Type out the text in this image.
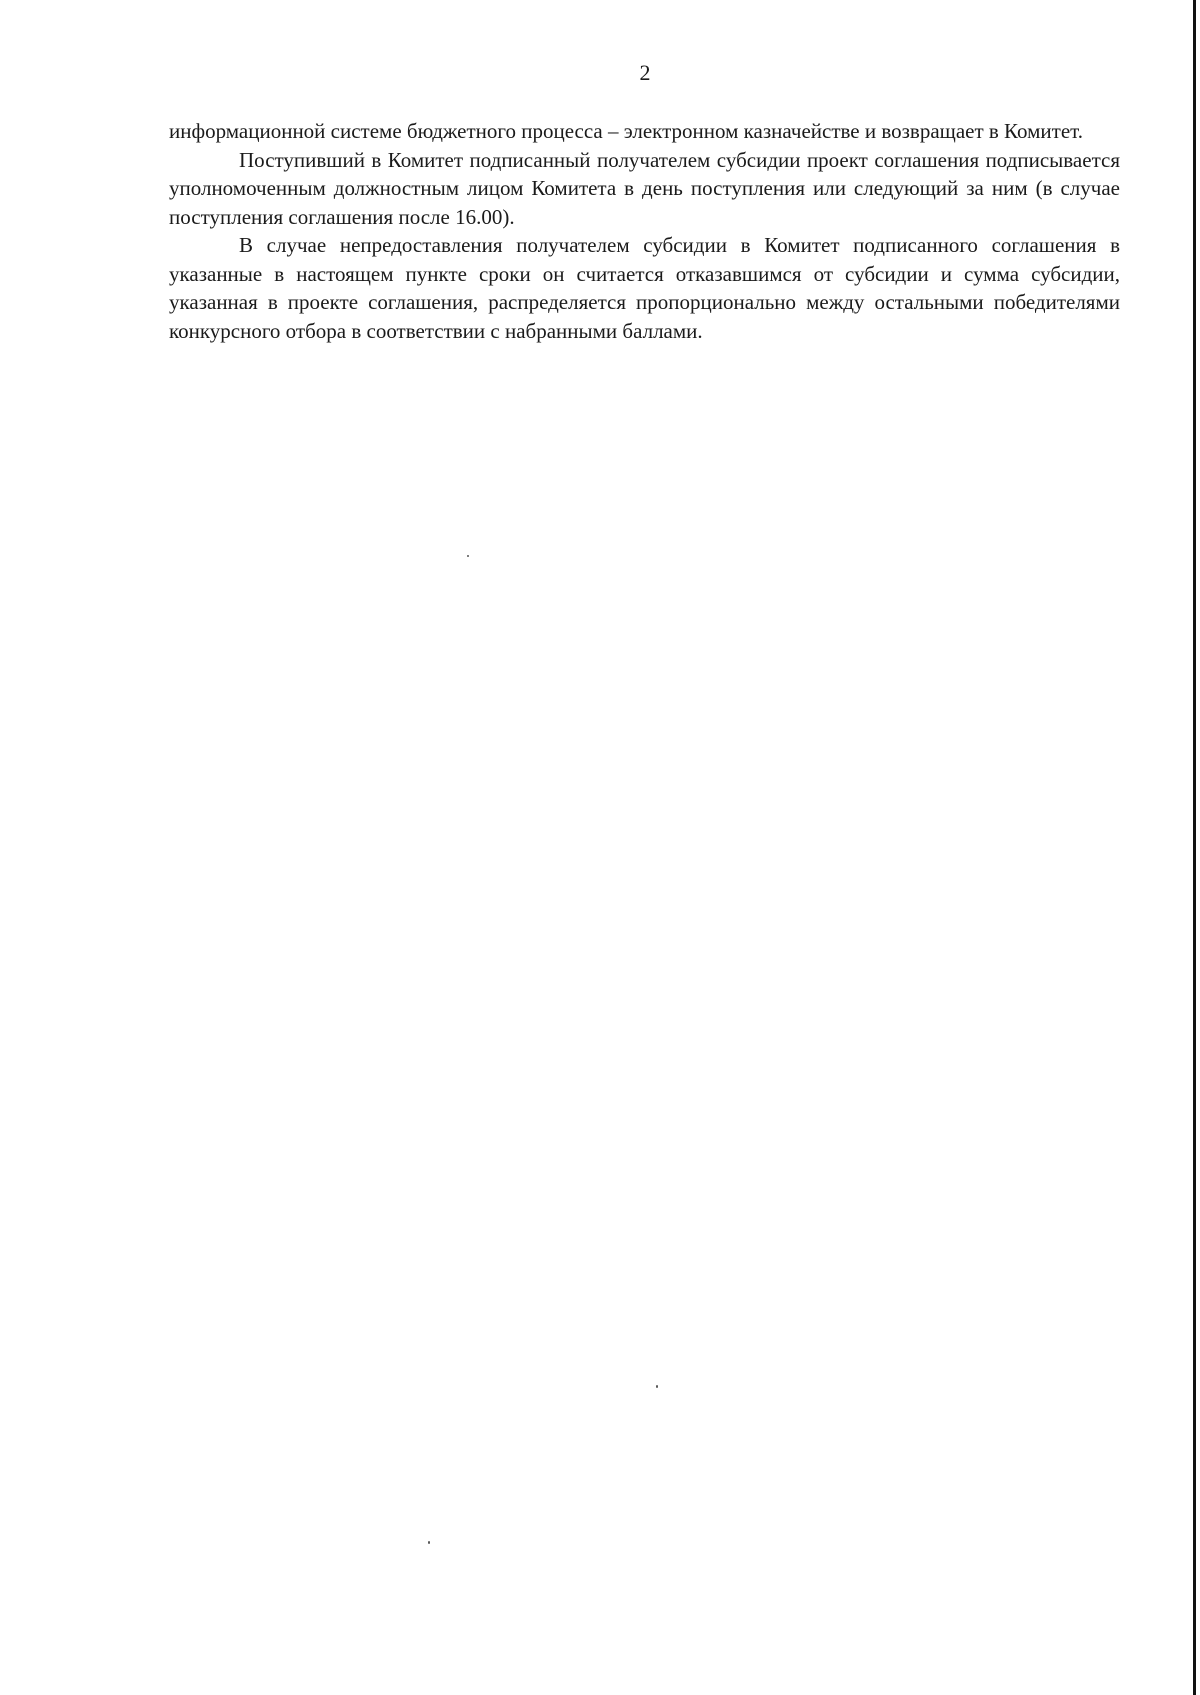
2

информационной системе бюджетного процесса – электронном казначействе и возвращает в Комитет.

Поступивший в Комитет подписанный получателем субсидии проект соглашения подписывается уполномоченным должностным лицом Комитета в день поступления или следующий за ним (в случае поступления соглашения после 16.00).

В случае непредоставления получателем субсидии в Комитет подписанного соглашения в указанные в настоящем пункте сроки он считается отказавшимся от субсидии и сумма субсидии, указанная в проекте соглашения, распределяется пропорционально между остальными победителями конкурсного отбора в соответствии с набранными баллами.
